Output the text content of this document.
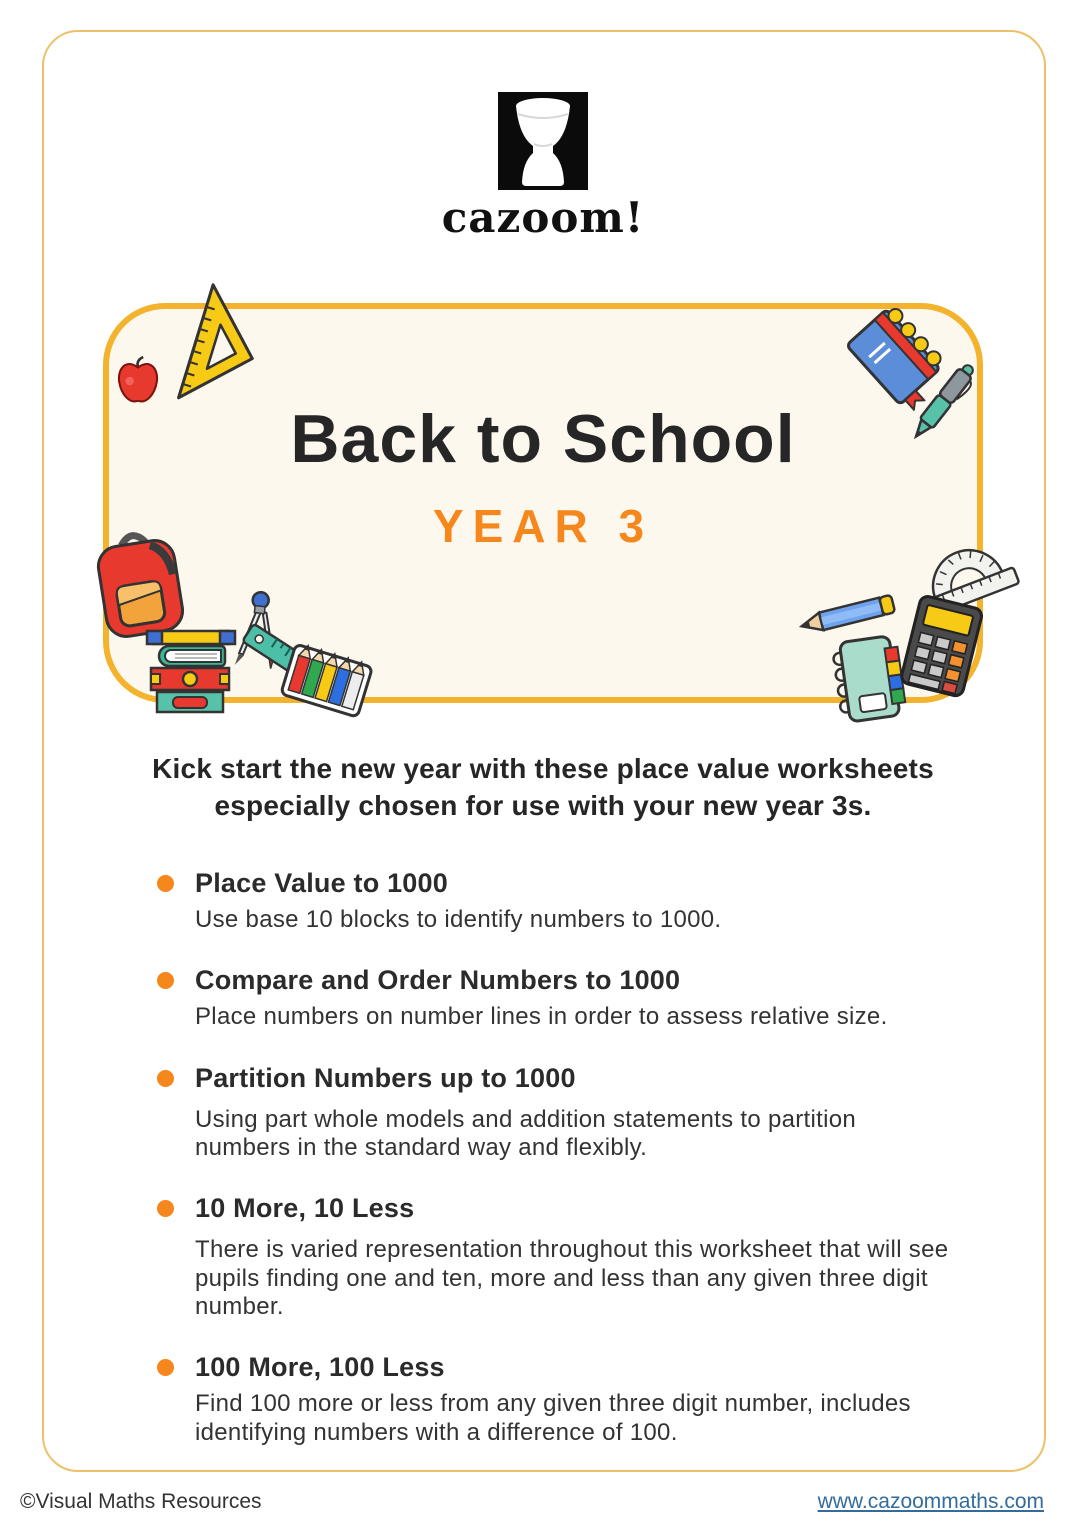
cazoom!
Back to School
YEAR 3
Kick start the new year with these place value worksheets
especially chosen for use with your new year 3s.
Place Value to 1000

Use base 10 blocks to identify numbers to 1000.

Compare and Order Numbers to 1000

Place numbers on number lines in order to assess relative size.

Partition Numbers up to 1000

Using part whole models and addition statements to partition numbers in the standard way and flexibly.

10 More, 10 Less

There is varied representation throughout this worksheet that will see pupils finding one and ten, more and less than any given three digit number.

100 More, 100 Less

Find 100 more or less from any given three digit number, includes identifying numbers with a difference of 100.

©Visual Maths Resources	www.cazoommaths.com
